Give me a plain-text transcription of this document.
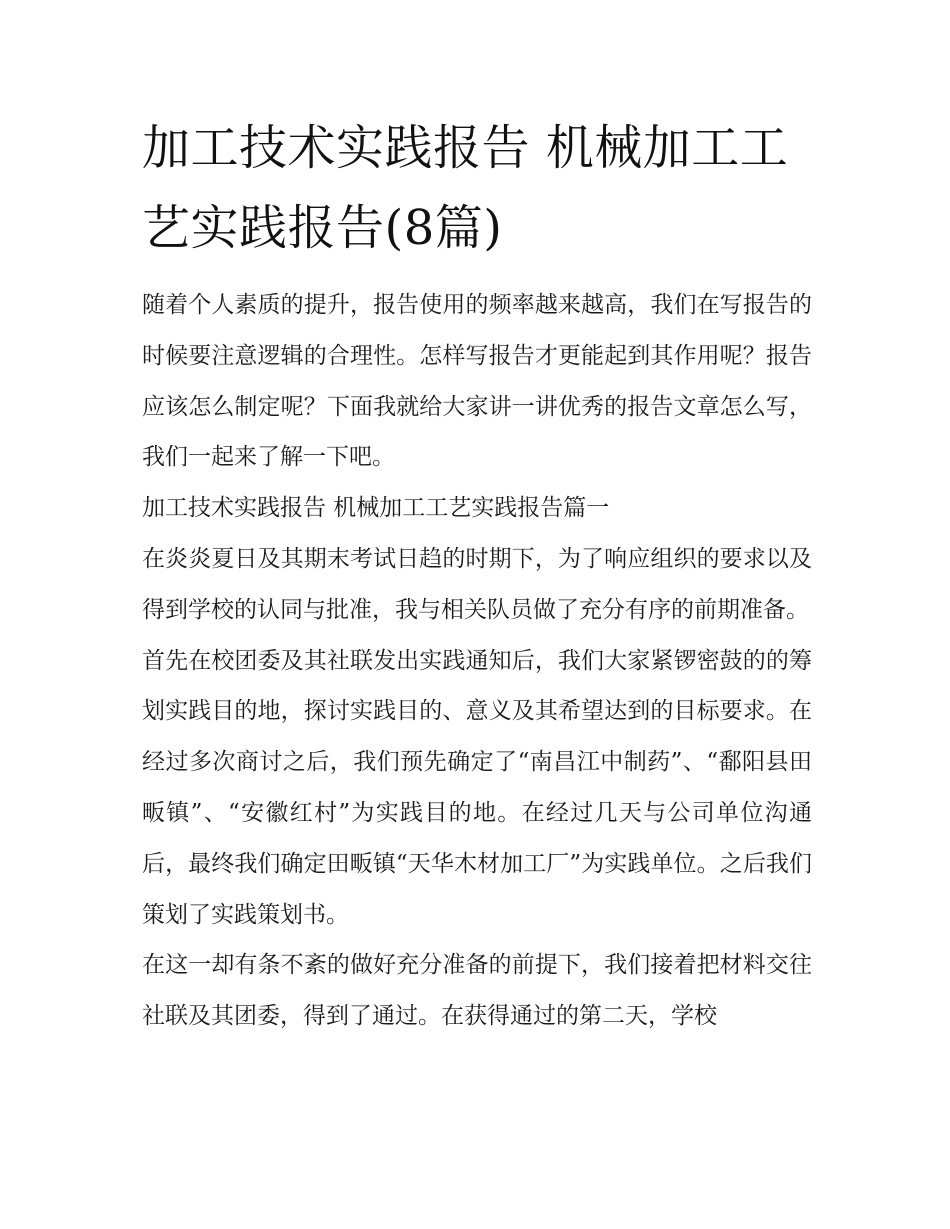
加工技术实践报告 机械加工工艺实践报告(8篇)

随着个人素质的提升，报告使用的频率越来越高，我们在写报告的时候要注意逻辑的合理性。怎样写报告才更能起到其作用呢？报告应该怎么制定呢？下面我就给大家讲一讲优秀的报告文章怎么写，我们一起来了解一下吧。

加工技术实践报告 机械加工工艺实践报告篇一

在炎炎夏日及其期末考试日趋的时期下，为了响应组织的要求以及得到学校的认同与批准，我与相关队员做了充分有序的前期准备。

首先在校团委及其社联发出实践通知后，我们大家紧锣密鼓的的筹划实践目的地，探讨实践目的、意义及其希望达到的目标要求。在经过多次商讨之后，我们预先确定了“南昌江中制药”、“鄱阳县田畈镇”、“安徽红村”为实践目的地。在经过几天与公司单位沟通后，最终我们确定田畈镇“天华木材加工厂”为实践单位。之后我们策划了实践策划书。

在这一却有条不紊的做好充分准备的前提下，我们接着把材料交往社联及其团委，得到了通过。在获得通过的第二天，学校
